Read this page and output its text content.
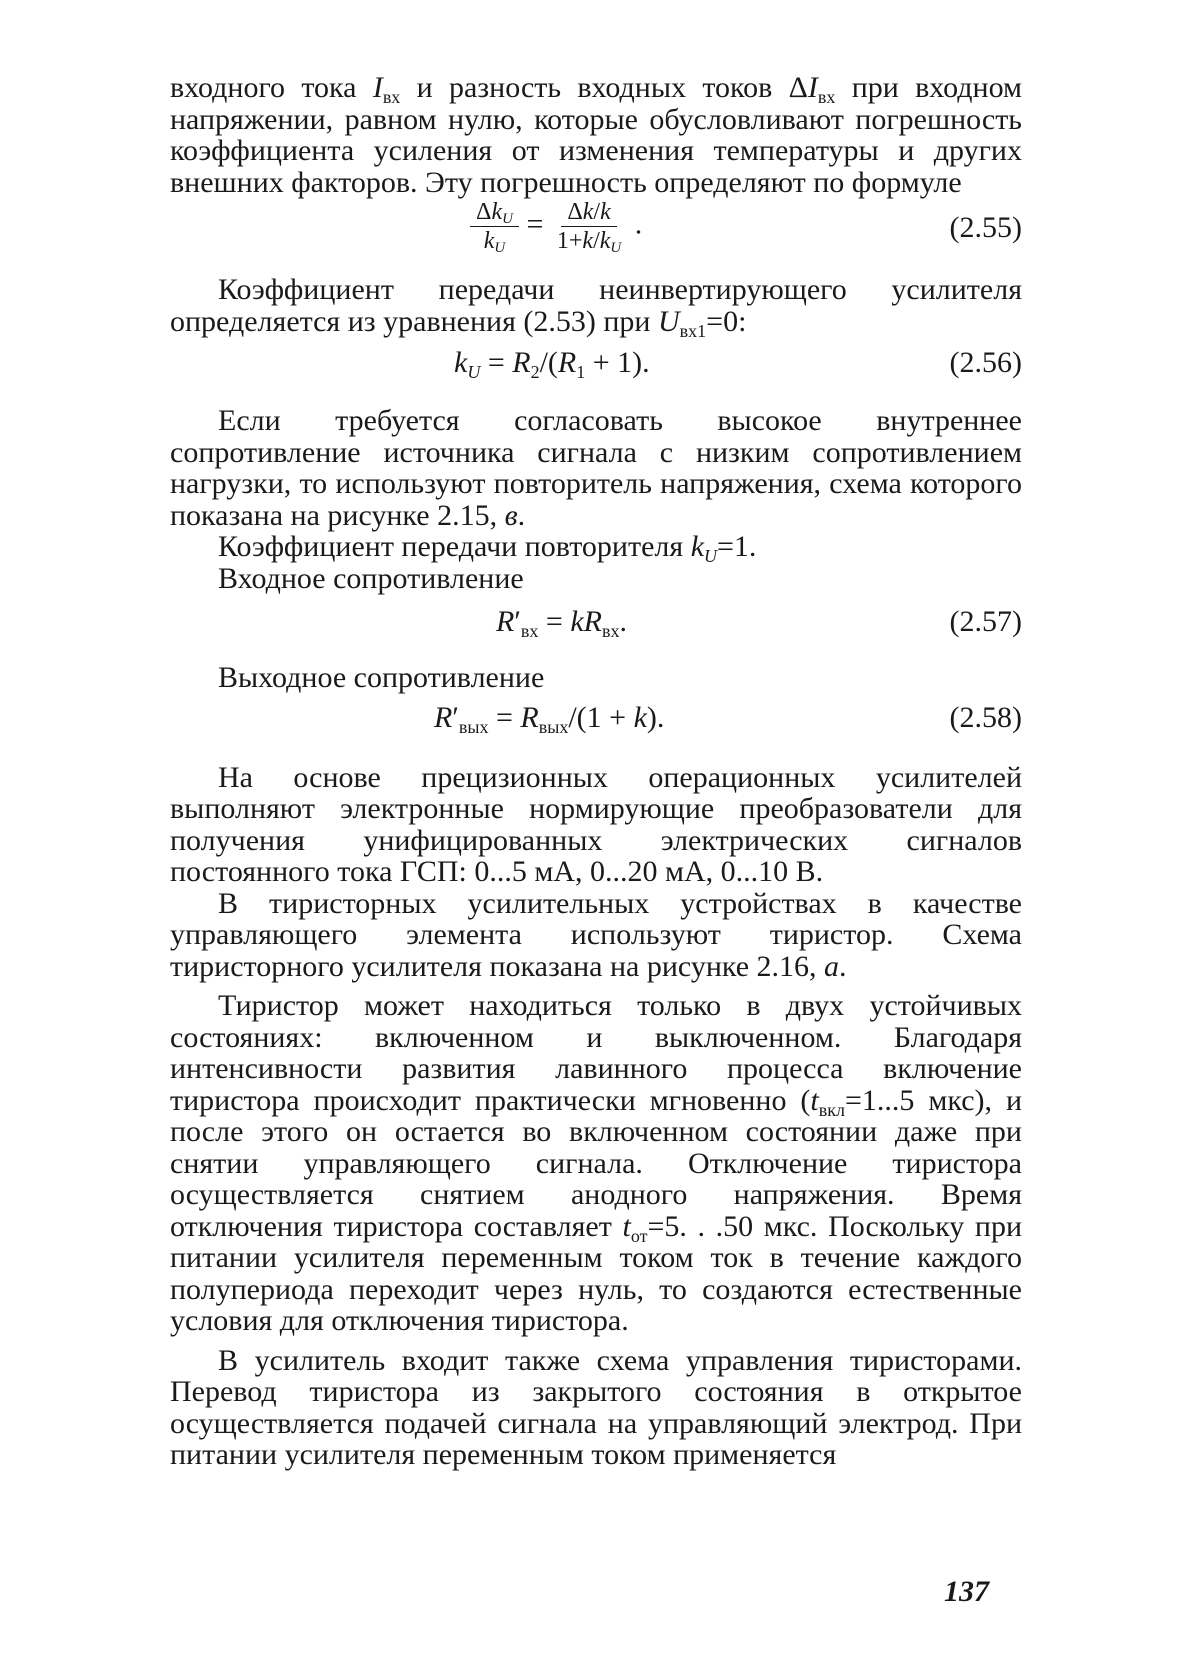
входного тока $I_{вх}$ и разность входных токов $\Delta I_{вх}$ при входном напряжении, равном нулю, которые обусловливают погрешность коэффициента усиления от изменения температуры и других внешних факторов. Эту погрешность определяют по формуле

$\Delta k_U$
$k_U$
= $\frac{\Delta k/k}{1+k/k_U}$ .	(2.55)

Коэффициент передачи неинвертирующего усилителя определяется из уравнения (2.53) при $U_{вх1}=0$:

$k_U = R_2/(R_1 + 1)$.	(2.56)

Если требуется согласовать высокое внутреннее сопротивление источника сигнала с низким сопротивлением нагрузки, то используют повторитель напряжения, схема которого показана на рисунке 2.15, в.

Коэффициент передачи повторителя $k_U=1$.

Входное сопротивление

$R'_{вх} = kR_{вх}$.	(2.57)

Выходное сопротивление

$R'_{вых} = R_{вых}/(1 + k)$.	(2.58)

На основе прецизионных операционных усилителей выполняют электронные нормирующие преобразователи для получения унифицированных электрических сигналов постоянного тока ГСП: 0...5 мА, 0...20 мА, 0...10 В.

В тиристорных усилительных устройствах в качестве управляющего элемента используют тиристор. Схема тиристорного усилителя показана на рисунке 2.16, а.

Тиристор может находиться только в двух устойчивых состояниях: включенном и выключенном. Благодаря интенсивности развития лавинного процесса включение тиристора происходит практически мгновенно ($t_{вкл}=1...5$ мкс), и после этого он остается во включенном состоянии даже при снятии управляющего сигнала. Отключение тиристора осуществляется снятием анодного напряжения. Время отключения тиристора составляет $t_{от}=5$. . .50 мкс. Поскольку при питании усилителя переменным током ток в течение каждого полупериода переходит через нуль, то создаются естественные условия для отключения тиристора.

В усилитель входит также схема управления тиристорами. Перевод тиристора из закрытого состояния в открытое осуществляется подачей сигнала на управляющий электрод. При питании усилителя переменным током применяется

137
